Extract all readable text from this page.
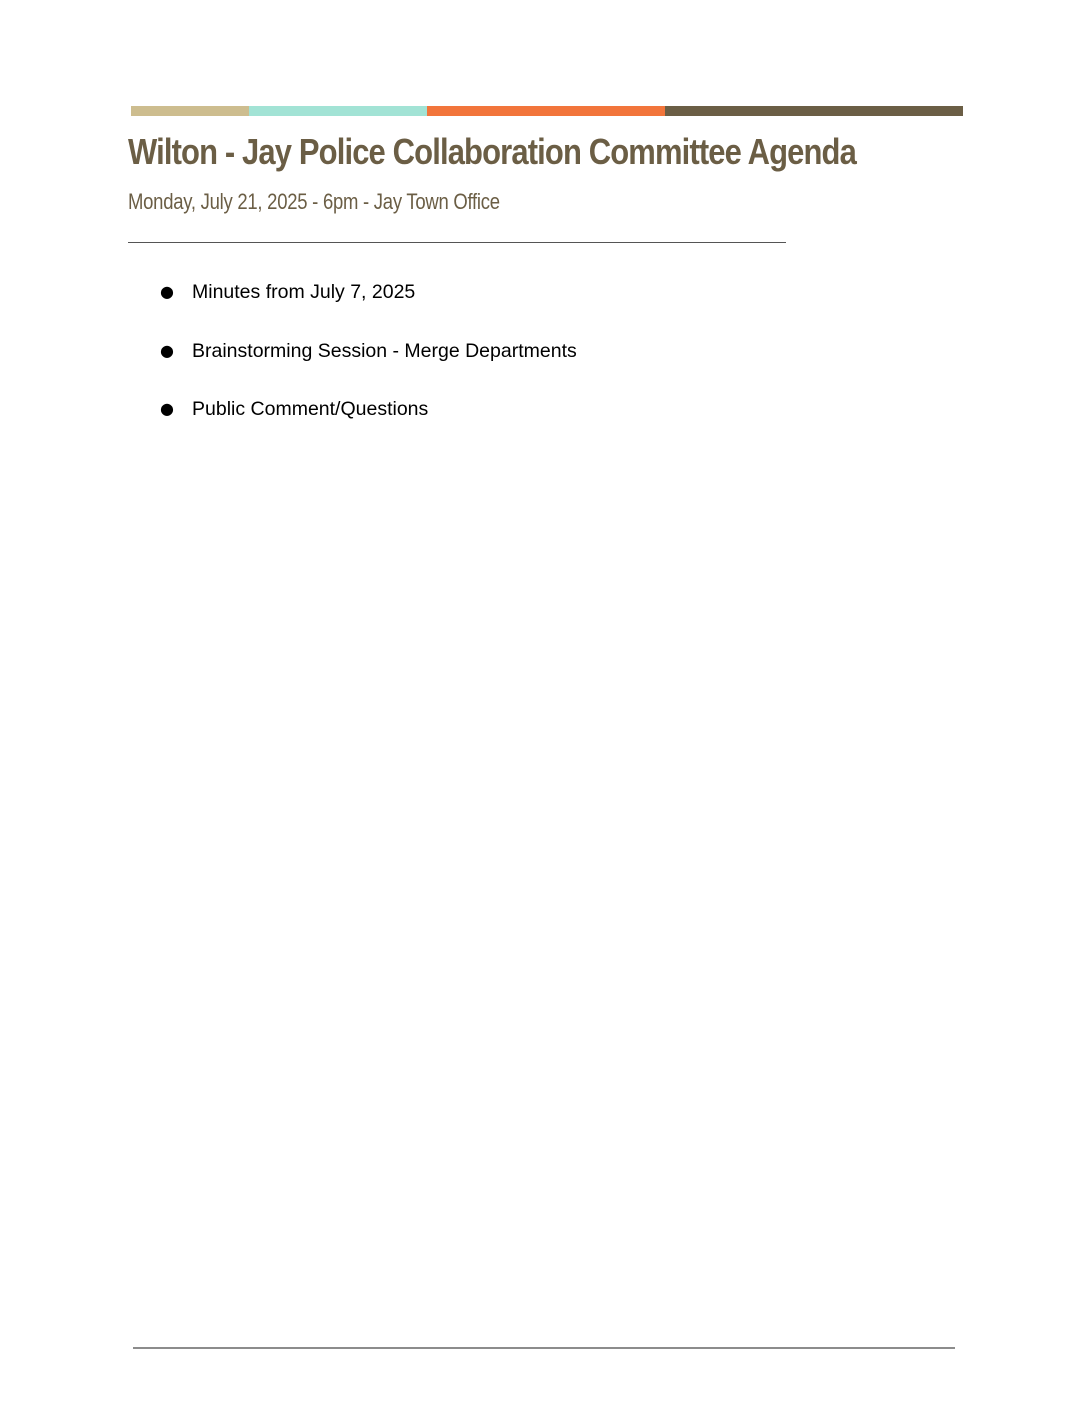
Wilton - Jay Police Collaboration Committee Agenda

Monday, July 21, 2025 - 6pm - Jay Town Office

● Minutes from July 7, 2025
● Brainstorming Session - Merge Departments
● Public Comment/Questions
